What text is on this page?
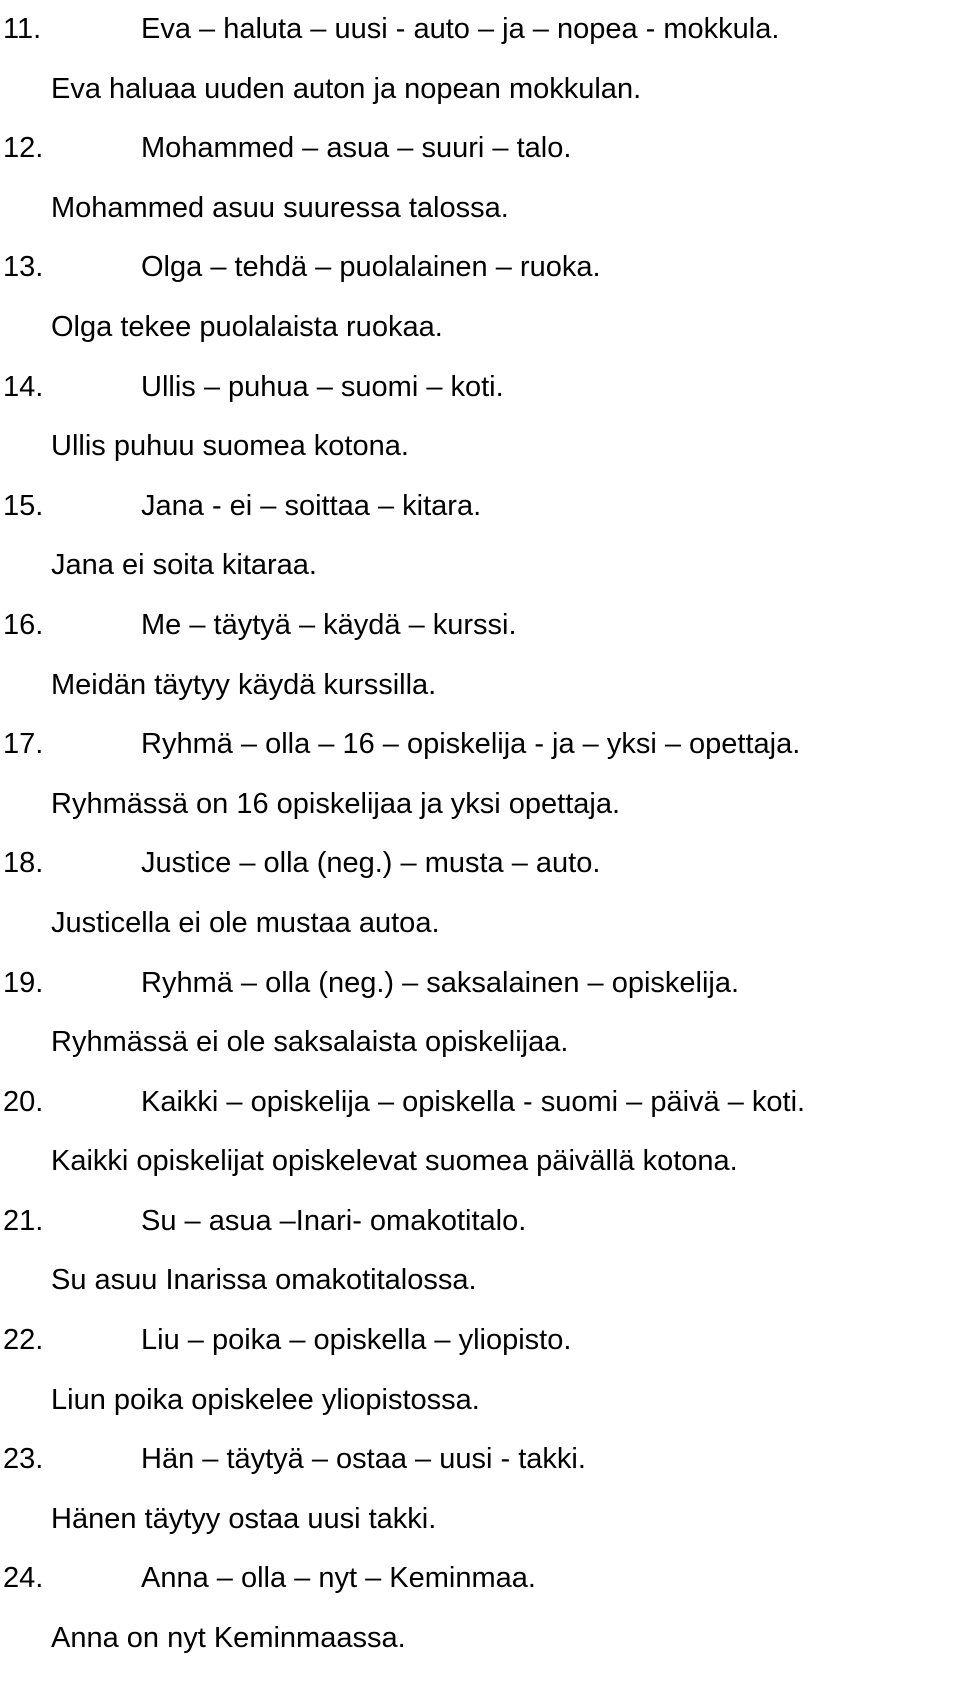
11.	Eva – haluta – uusi - auto – ja – nopea - mokkula.
Eva haluaa uuden auton ja nopean mokkulan.
12.	Mohammed – asua – suuri – talo.
Mohammed asuu suuressa talossa.
13.	Olga – tehdä – puolalainen – ruoka.
Olga tekee puolalaista ruokaa.
14.	Ullis – puhua – suomi – koti.
Ullis puhuu suomea kotona.
15.	Jana - ei – soittaa – kitara.
Jana ei soita kitaraa.
16.	Me – täytyä – käydä – kurssi.
Meidän täytyy käydä kurssilla.
17.	Ryhmä – olla – 16 – opiskelija - ja – yksi – opettaja.
Ryhmässä on 16 opiskelijaa ja yksi opettaja.
18.	Justice – olla (neg.) – musta – auto.
Justicella ei ole mustaa autoa.
19.	Ryhmä – olla (neg.) – saksalainen – opiskelija.
Ryhmässä ei ole saksalaista opiskelijaa.
20.	Kaikki – opiskelija – opiskella - suomi – päivä – koti.
Kaikki opiskelijat opiskelevat suomea päivällä kotona.
21.	Su – asua –Inari- omakotitalo.
Su asuu Inarissa omakotitalossa.
22.	Liu – poika – opiskella – yliopisto.
Liun poika opiskelee yliopistossa.
23.	Hän – täytyä – ostaa – uusi - takki.
Hänen täytyy ostaa uusi takki.
24.	Anna – olla – nyt – Keminmaa.
Anna on nyt Keminmaassa.
